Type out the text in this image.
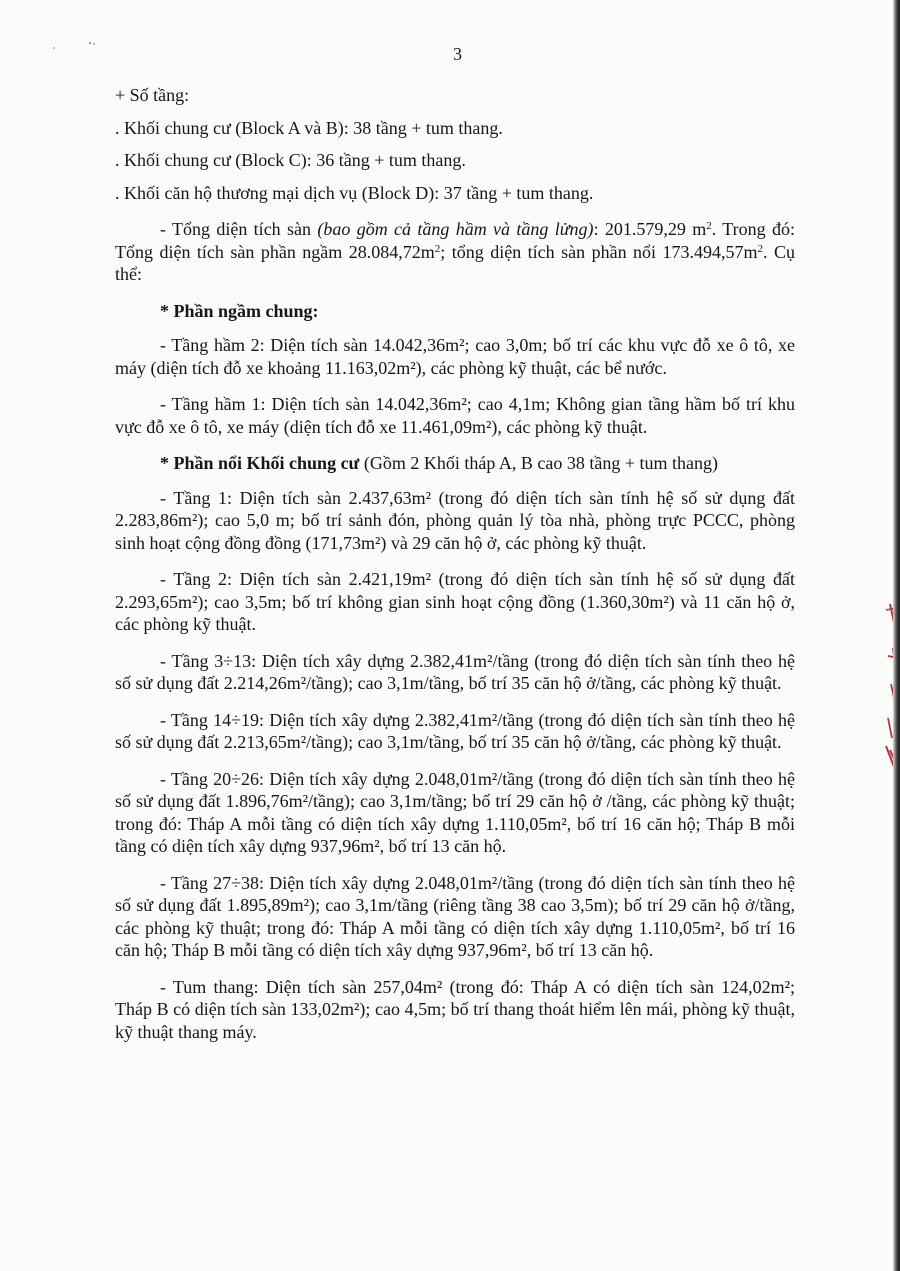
3

+ Số tầng:

. Khối chung cư (Block A và B): 38 tầng + tum thang.

. Khối chung cư (Block C): 36 tầng + tum thang.

. Khối căn hộ thương mại dịch vụ (Block D): 37 tầng + tum thang.

- Tổng diện tích sàn (bao gồm cả tầng hầm và tầng lửng): 201.579,29 $m^2$. Trong đó: Tổng diện tích sàn phần ngầm $28.084,72m^2$; tổng diện tích sàn phần nổi $173.494,57m^2$. Cụ thể:

* Phần ngầm chung:

- Tầng hầm 2: Diện tích sàn 14.042,36m²; cao 3,0m; bố trí các khu vực đỗ xe ô tô, xe máy (diện tích đỗ xe khoảng 11.163,02m²), các phòng kỹ thuật, các bể nước.

- Tầng hầm 1: Diện tích sàn 14.042,36m²; cao 4,1m; Không gian tầng hầm bố trí khu vực đỗ xe ô tô, xe máy (diện tích đỗ xe 11.461,09m²), các phòng kỹ thuật.

* Phần nổi Khối chung cư (Gồm 2 Khối tháp A, B cao 38 tầng + tum thang)

- Tầng 1: Diện tích sàn 2.437,63m² (trong đó diện tích sàn tính hệ số sử dụng đất 2.283,86m²); cao 5,0 m; bố trí sảnh đón, phòng quản lý tòa nhà, phòng trực PCCC, phòng sinh hoạt cộng đồng đồng (171,73m²) và 29 căn hộ ở, các phòng kỹ thuật.

- Tầng 2: Diện tích sàn 2.421,19m² (trong đó diện tích sàn tính hệ số sử dụng đất 2.293,65m²); cao 3,5m; bố trí không gian sinh hoạt cộng đồng (1.360,30m²) và 11 căn hộ ở, các phòng kỹ thuật.

- Tầng 3÷13: Diện tích xây dựng 2.382,41m²/tầng (trong đó diện tích sàn tính theo hệ số sử dụng đất 2.214,26m²/tầng); cao 3,1m/tầng, bố trí 35 căn hộ ở/tầng, các phòng kỹ thuật.

- Tầng 14÷19: Diện tích xây dựng 2.382,41m²/tầng (trong đó diện tích sàn tính theo hệ số sử dụng đất 2.213,65m²/tầng); cao 3,1m/tầng, bố trí 35 căn hộ ở/tầng, các phòng kỹ thuật.

- Tầng 20÷26: Diện tích xây dựng 2.048,01m²/tầng (trong đó diện tích sàn tính theo hệ số sử dụng đất 1.896,76m²/tầng); cao 3,1m/tầng; bố trí 29 căn hộ ở /tầng, các phòng kỹ thuật; trong đó: Tháp A mỗi tầng có diện tích xây dựng 1.110,05m², bố trí 16 căn hộ; Tháp B mỗi tầng có diện tích xây dựng 937,96m², bố trí 13 căn hộ.

- Tầng 27÷38: Diện tích xây dựng 2.048,01m²/tầng (trong đó diện tích sàn tính theo hệ số sử dụng đất 1.895,89m²); cao 3,1m/tầng (riêng tầng 38 cao 3,5m); bố trí 29 căn hộ ở/tầng, các phòng kỹ thuật; trong đó: Tháp A mỗi tầng có diện tích xây dựng 1.110,05m², bố trí 16 căn hộ; Tháp B mỗi tầng có diện tích xây dựng 937,96m², bố trí 13 căn hộ.

- Tum thang: Diện tích sàn 257,04m² (trong đó: Tháp A có diện tích sàn 124,02m²; Tháp B có diện tích sàn 133,02m²); cao 4,5m; bố trí thang thoát hiểm lên mái, phòng kỹ thuật, kỹ thuật thang máy.
